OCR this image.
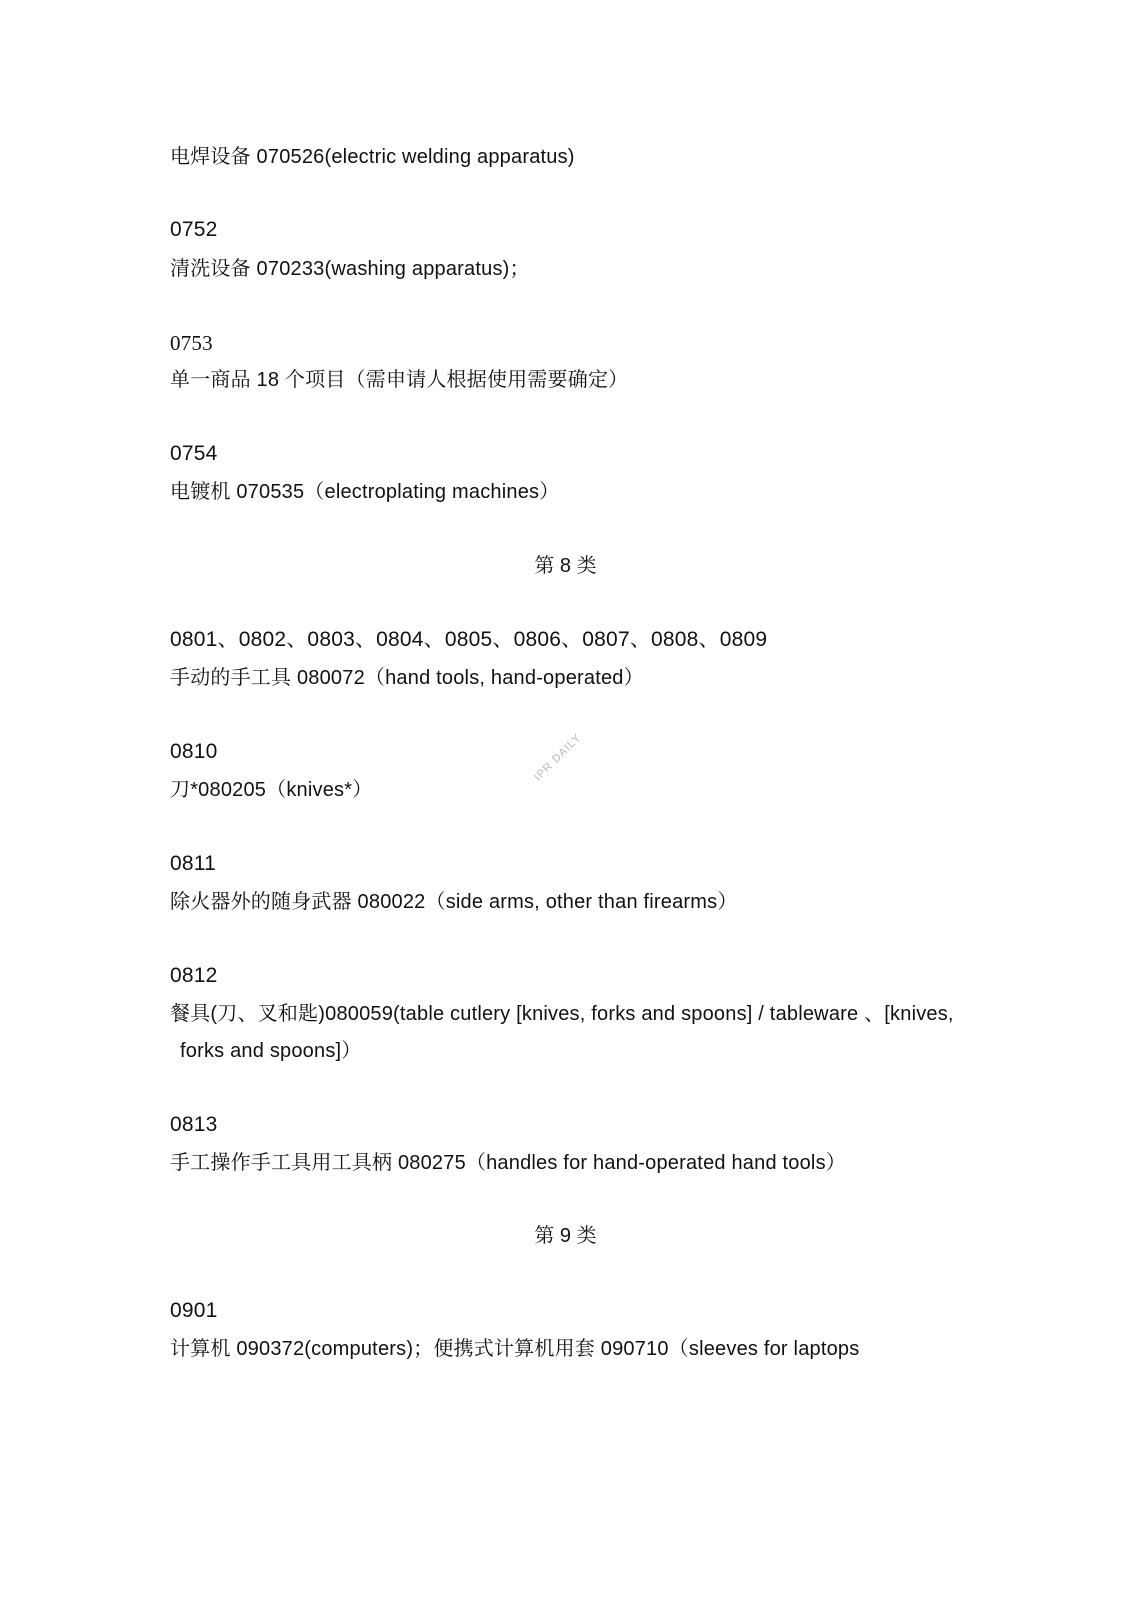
电焊设备 070526(electric welding apparatus)
0752
清洗设备 070233(washing apparatus)；
0753
单一商品 18 个项目（需申请人根据使用需要确定）
0754
电镀机 070535（electroplating machines）
第 8 类
0801、0802、0803、0804、0805、0806、0807、0808、0809
手动的手工具 080072（hand tools, hand-operated）
0810
刀*080205（knives*）
0811
除火器外的随身武器 080022（side arms, other than firearms）
0812
餐具(刀、叉和匙)080059(table cutlery [knives, forks and spoons] / tableware 、[knives,
forks and spoons]）
0813
手工操作手工具用工具柄 080275（handles for hand-operated hand tools）
第 9 类
0901
计算机 090372(computers)；便携式计算机用套 090710（sleeves for laptops
IPR DAILY
